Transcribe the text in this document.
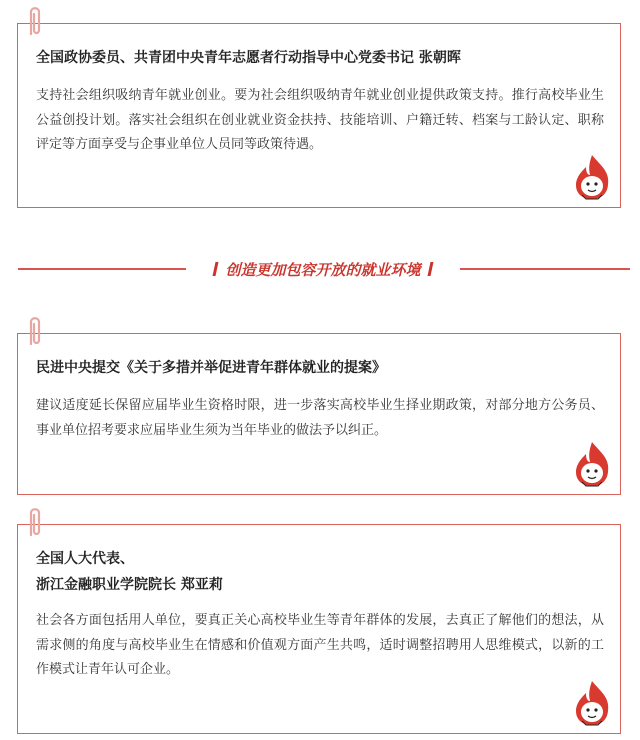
全国政协委员、共青团中央青年志愿者行动指导中心党委书记 张朝晖
支持社会组织吸纳青年就业创业。要为社会组织吸纳青年就业创业提供政策支持。推行高校毕业生公益创投计划。落实社会组织在创业就业资金扶持、技能培训、户籍迁转、档案与工龄认定、职称评定等方面享受与企事业单位人员同等政策待遇。
创造更加包容开放的就业环境
民进中央提交《关于多措并举促进青年群体就业的提案》
建议适度延长保留应届毕业生资格时限，进一步落实高校毕业生择业期政策，对部分地方公务员、事业单位招考要求应届毕业生须为当年毕业的做法予以纠正。
全国人大代表、
浙江金融职业学院院长 郑亚莉
社会各方面包括用人单位，要真正关心高校毕业生等青年群体的发展，去真正了解他们的想法，从需求侧的角度与高校毕业生在情感和价值观方面产生共鸣，适时调整招聘用人思维模式，以新的工作模式让青年认可企业。
